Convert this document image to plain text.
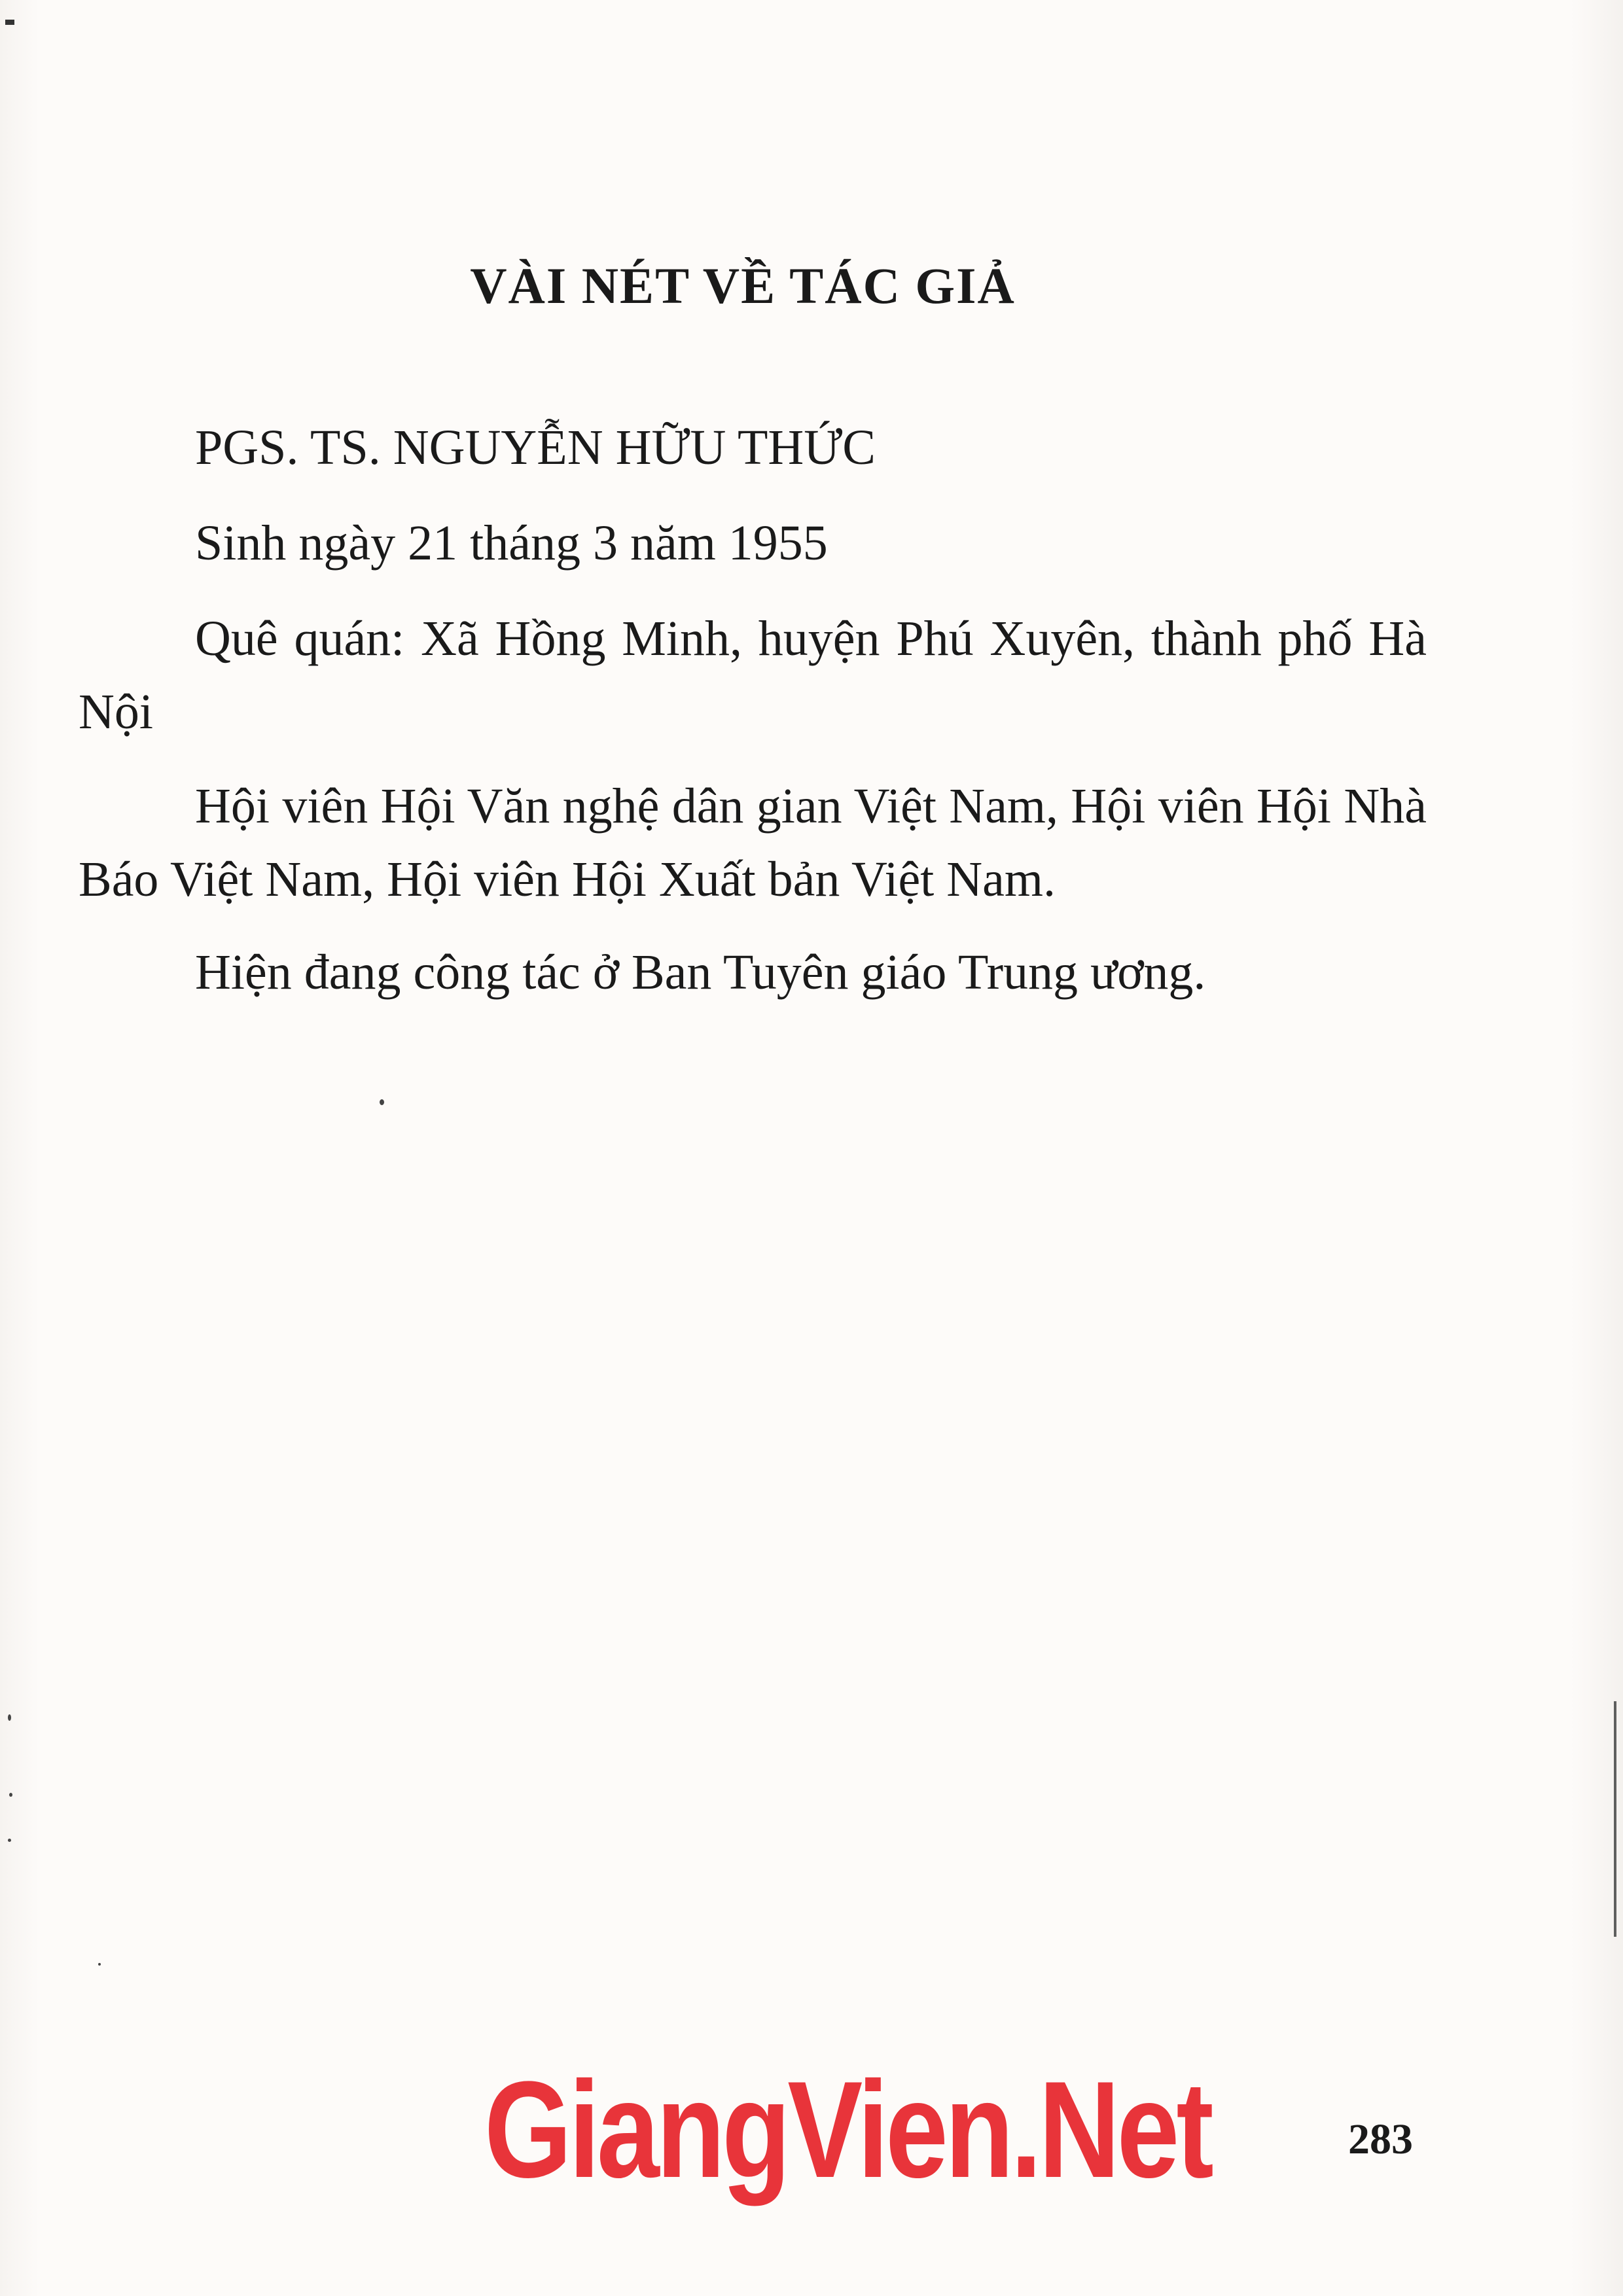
VÀI NÉT VỀ TÁC GIẢ

PGS. TS. NGUYỄN HỮU THỨC

Sinh ngày 21 tháng 3 năm 1955

Quê quán: Xã Hồng Minh, huyện Phú Xuyên, thành phố Hà Nội

Hội viên Hội Văn nghệ dân gian Việt Nam, Hội viên Hội Nhà Báo Việt Nam, Hội viên Hội Xuất bản Việt Nam.

Hiện đang công tác ở Ban Tuyên giáo Trung ương.

GiangVien.Net	283
